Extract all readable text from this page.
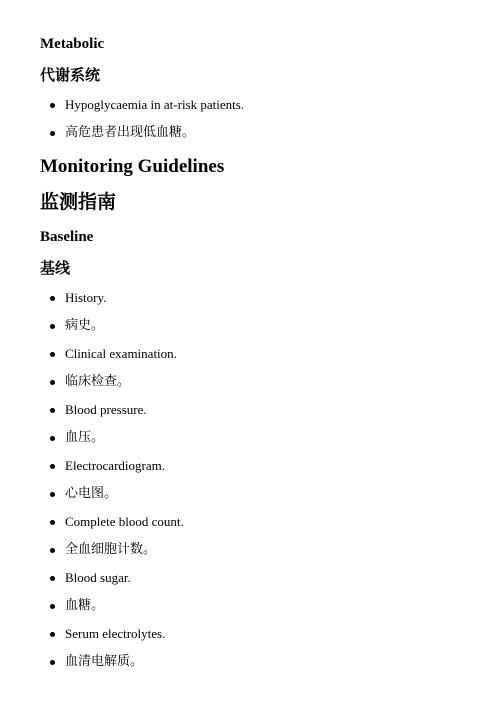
Metabolic
代谢系统

Hypoglycaemia in at-risk patients.

高危患者出现低血糖。

Monitoring Guidelines
监测指南
Baseline
基线

History.

病史。

Clinical examination.

临床检查。

Blood pressure.

血压。

Electrocardiogram.

心电图。

Complete blood count.

全血细胞计数。

Blood sugar.

血糖。

Serum electrolytes.

血清电解质。
